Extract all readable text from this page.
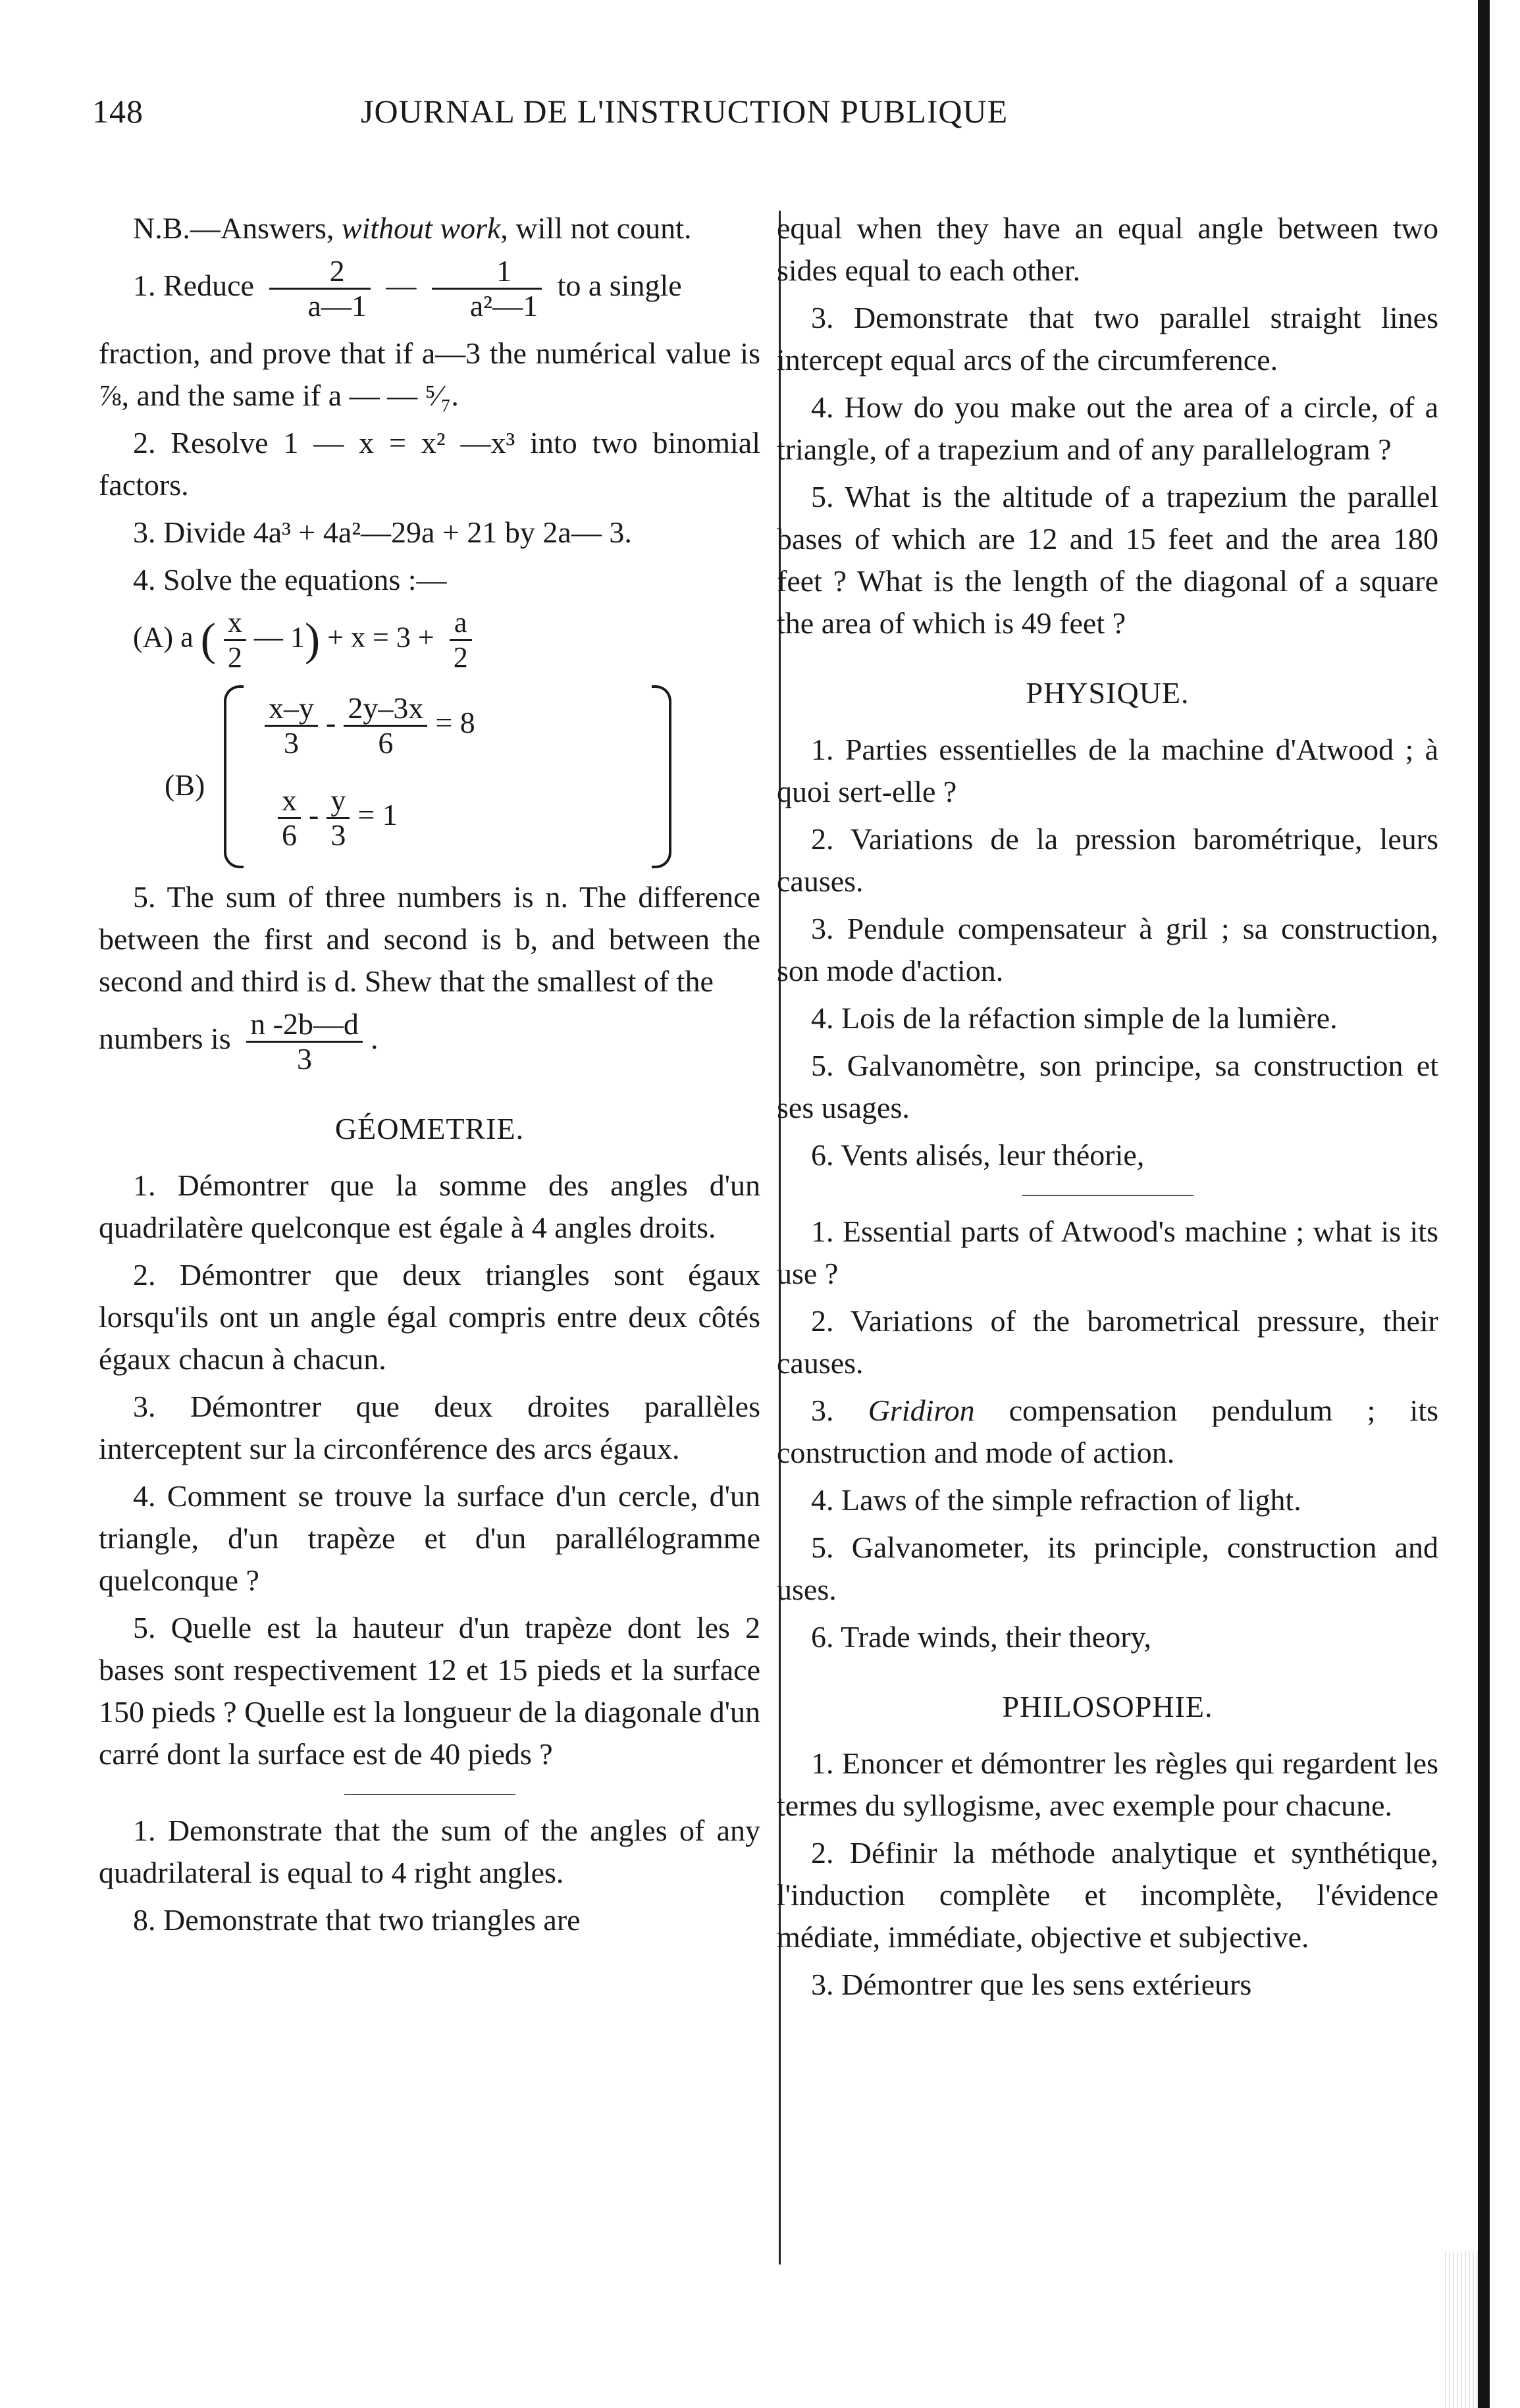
148	JOURNAL DE L'INSTRUCTION PUBLIQUE

N.B.—Answers, without work, will not count.

1. Reduce $\frac{2}{a—1}$ — $\frac{1}{\text{a²—1}}$ to a single

fraction, and prove that if a—3 the numérical value is ⅞, and the same if a — — ⁵⁄₇.

2. Resolve 1 — x = x² —x³ into two binomial factors.

3. Divide 4a³ + 4a²—29a + 21 by 2a— 3.

4. Solve the equations :—

(A) a ( $\frac{x}{2}$ — $1) + x = 3 + \frac{a}{2}$
(B)
$\frac{x-y}{3} - \frac{2y-3x}{6} = 8$
$\frac{x}{6} - \frac{y}{3} = 1$

5. The sum of three numbers is n. The difference between the first and second is b, and between the second and third is d. Shew that the smallest of the

numbers is $\frac{n -2b—d}{3}$ .

GÉOMETRIE.

1. Démontrer que la somme des angles d'un quadrilatère quelconque est égale à 4 angles droits.

2. Démontrer que deux triangles sont égaux lorsqu'ils ont un angle égal compris entre deux côtés égaux chacun à chacun.

3. Démontrer que deux droites parallèles interceptent sur la circonférence des arcs égaux.

4. Comment se trouve la surface d'un cercle, d'un triangle, d'un trapèze et d'un parallélogramme quelconque ?

5. Quelle est la hauteur d'un trapèze dont les 2 bases sont respectivement 12 et 15 pieds et la surface 150 pieds ? Quelle est la longueur de la diagonale d'un carré dont la surface est de 40 pieds ?

1. Demonstrate that the sum of the angles of any quadrilateral is equal to 4 right angles.

8. Demonstrate that two triangles are

equal when they have an equal angle between two sides equal to each other.

3. Demonstrate that two parallel straight lines intercept equal arcs of the circumference.

4. How do you make out the area of a circle, of a triangle, of a trapezium and of any parallelogram ?

5. What is the altitude of a trapezium the parallel bases of which are 12 and 15 feet and the area 180 feet ? What is the length of the diagonal of a square the area of which is 49 feet ?

PHYSIQUE.

1. Parties essentielles de la machine d'Atwood ; à quoi sert-elle ?

2. Variations de la pression barométrique, leurs causes.

3. Pendule compensateur à gril ; sa construction, son mode d'action.

4. Lois de la réfaction simple de la lumière.

5. Galvanomètre, son principe, sa construction et ses usages.

6. Vents alisés, leur théorie,

1. Essential parts of Atwood's machine ; what is its use ?

2. Variations of the barometrical pressure, their causes.

3. Gridiron compensation pendulum ; its construction and mode of action.

4. Laws of the simple refraction of light.

5. Galvanometer, its principle, construction and uses.

6. Trade winds, their theory,

PHILOSOPHIE.

1. Enoncer et démontrer les règles qui regardent les termes du syllogisme, avec exemple pour chacune.

2. Définir la méthode analytique et synthétique, l'induction complète et incomplète, l'évidence médiate, immédiate, objective et subjective.

3. Démontrer que les sens extérieurs
